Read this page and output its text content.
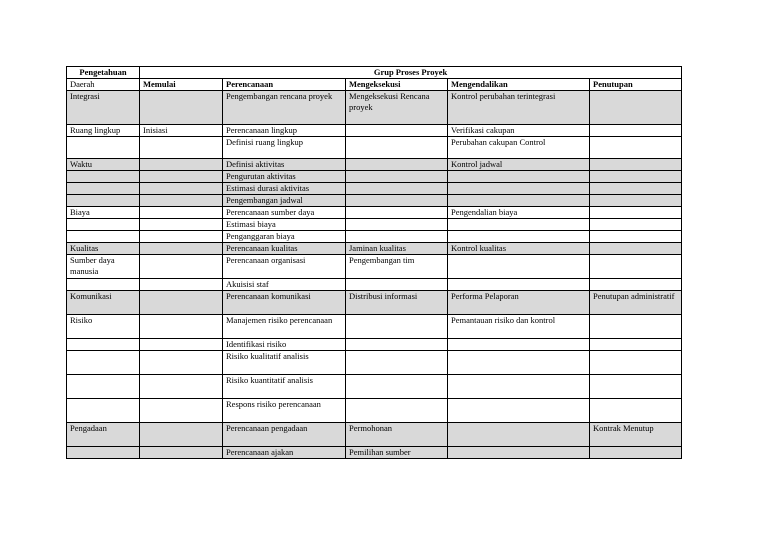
Pengetahuan	Grup Proses Proyek				
Daerah	Memulai	Perencanaan	Mengeksekusi	Mengendalikan	Penutupan
Integrasi		Pengembangan rencana proyek	Mengeksekusi Rencana proyek	Kontrol perubahan terintegrasi	
Ruang lingkup	Inisiasi	Perencanaan lingkup		Verifikasi cakupan	
		Definisi ruang lingkup		Perubahan cakupan Control	
Waktu		Definisi aktivitas		Kontrol jadwal	
		Pengurutan aktivitas			
		Estimasi durasi aktivitas			
		Pengembangan jadwal			
Biaya		Perencanaan sumber daya		Pengendalian biaya	
		Estimasi biaya			
		Penganggaran biaya			
Kualitas		Perencanaan kualitas	Jaminan kualitas	Kontrol kualitas	
Sumber daya manusia		Perencanaan organisasi	Pengembangan tim		
		Akuisisi staf			
Komunikasi		Perencanaan komunikasi	Distribusi informasi	Performa Pelaporan	Penutupan administratif
Risiko		Manajemen risiko perencanaan		Pemantauan risiko dan kontrol	
		Identifikasi risiko			
		Risiko kualitatif analisis			
		Risiko kuantitatif analisis			
		Respons risiko perencanaan			
Pengadaan		Perencanaan pengadaan	Permohonan		Kontrak Menutup
		Perencanaan ajakan	Pemilihan sumber		
